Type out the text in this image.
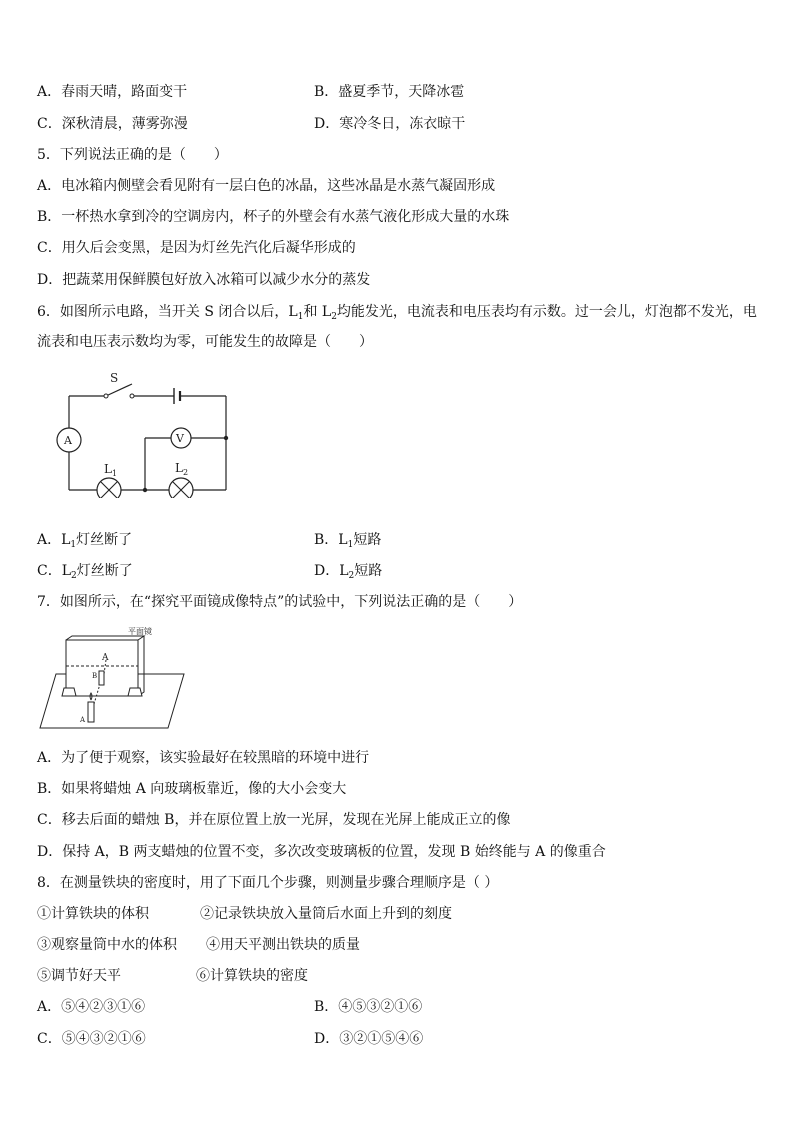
A．春雨天晴，路面变干	B．盛夏季节，天降冰雹
C．深秋清晨，薄雾弥漫	D．寒冷冬日，冻衣晾干
5．下列说法正确的是（　　）
A．电冰箱内侧壁会看见附有一层白色的冰晶，这些冰晶是水蒸气凝固形成
B．一杯热水拿到冷的空调房内，杯子的外壁会有水蒸气液化形成大量的水珠
C．用久后会变黑，是因为灯丝先汽化后凝华形成的
D．把蔬菜用保鲜膜包好放入冰箱可以减少水分的蒸发
6．如图所示电路，当开关 S 闭合以后，$L_1$和 $L_2$均能发光，电流表和电压表均有示数。过一会儿，灯泡都不发光，电
流表和电压表示数均为零，可能发生的故障是（　　）
S
A	V
$L_1$	$L_2$
A．$L_1$灯丝断了	B．$L_1$短路
C．$L_2$灯丝断了	D．$L_2$短路
7．如图所示，在“探究平面镜成像特点”的试验中，下列说法正确的是（　　）
平面镜
A
B
A
A．为了便于观察，该实验最好在较黑暗的环境中进行
B．如果将蜡烛 A 向玻璃板靠近，像的大小会变大
C．移去后面的蜡烛 B，并在原位置上放一光屏，发现在光屏上能成正立的像
D．保持 A，B 两支蜡烛的位置不变，多次改变玻璃板的位置，发现 B 始终能与 A 的像重合
8．在测量铁块的密度时，用了下面几个步骤，则测量步骤合理顺序是（ ）
①计算铁块的体积	②记录铁块放入量筒后水面上升到的刻度
③观察量筒中水的体积 ④用天平测出铁块的质量
⑤调节好天平	⑥计算铁块的密度
A．⑤④②③①⑥	B．④⑤③②①⑥
C．⑤④③②①⑥	D．③②①⑤④⑥
